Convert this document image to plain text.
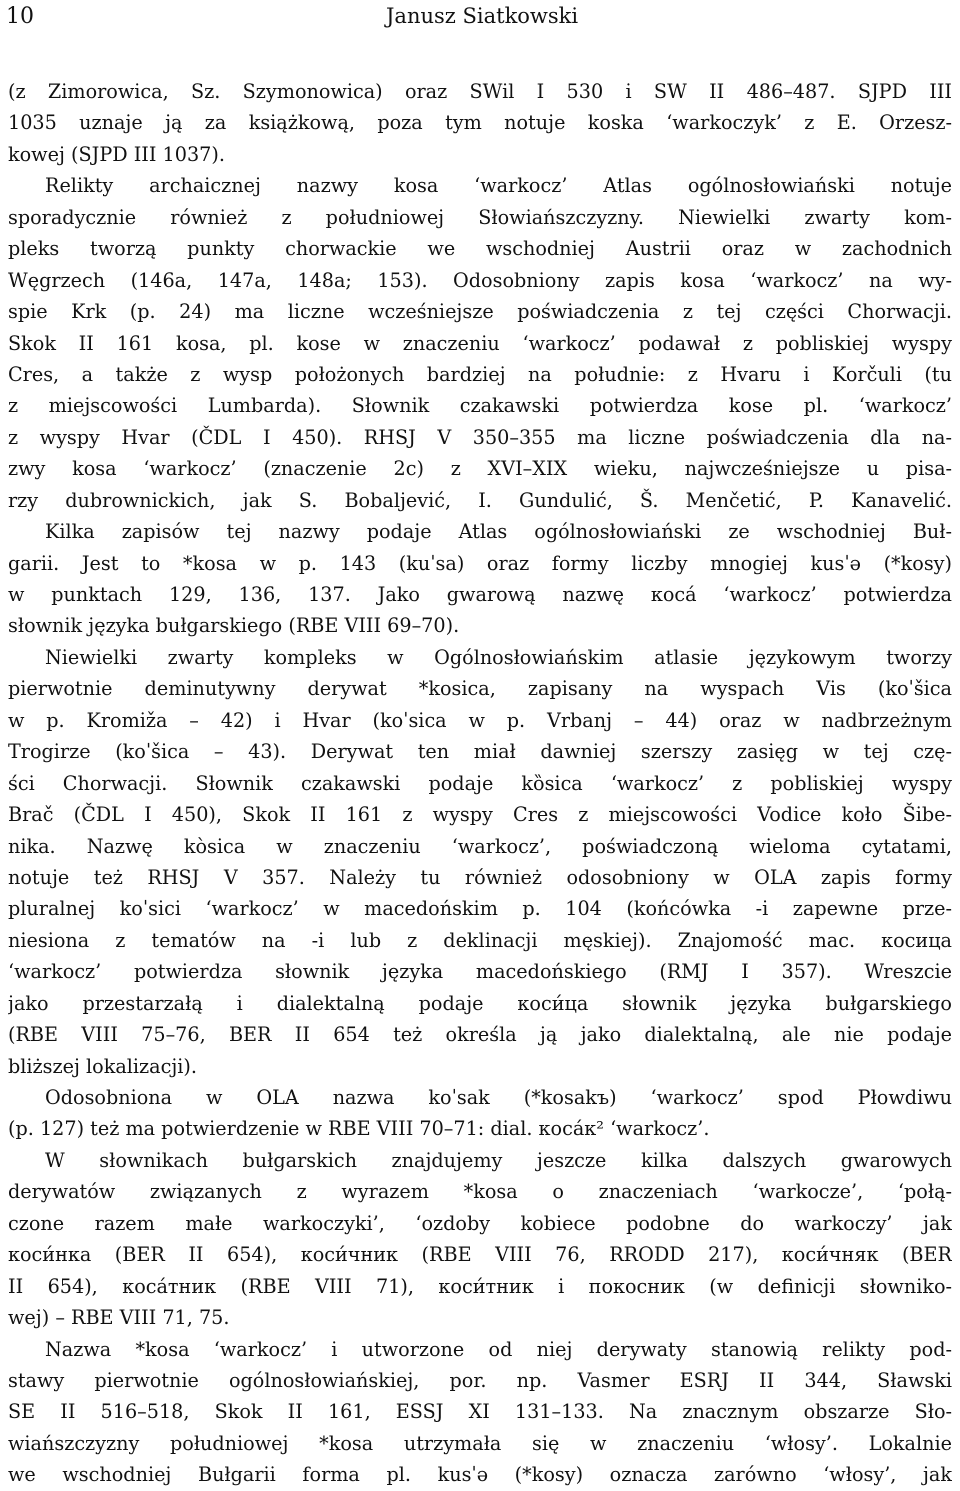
10	Janusz Siatkowski
(z Zimorowica, Sz. Szymonowica) oraz SWil I 530 i SW II 486–487. SJPD III
1035 uznaje ją za książkową, poza tym notuje koska ‘warkoczyk’ z E. Orzesz-
kowej (SJPD III 1037).
Relikty archaicznej nazwy kosa ‘warkocz’ Atlas ogólnosłowiański notuje
sporadycznie również z południowej Słowiańszczyzny. Niewielki zwarty kom-
pleks tworzą punkty chorwackie we wschodniej Austrii oraz w zachodnich
Węgrzech (146a, 147a, 148a; 153). Odosobniony zapis kosa ‘warkocz’ na wy-
spie Krk (p. 24) ma liczne wcześniejsze poświadczenia z tej części Chorwacji.
Skok II 161 kosa, pl. kose w znaczeniu ‘warkocz’ podawał z pobliskiej wyspy
Cres, a także z wysp położonych bardziej na południe: z Hvaru i Korčuli (tu
z miejscowości Lumbarda). Słownik czakawski potwierdza kose pl. ‘warkocz’
z wyspy Hvar (ČDL I 450). RHSJ V 350–355 ma liczne poświadczenia dla na-
zwy kosa ‘warkocz’ (znaczenie 2c) z XVI–XIX wieku, najwcześniejsze u pisa-
rzy dubrownickich, jak S. Bobaljević, I. Gundulić, Š. Menčetić, P. Kanavelić.
Kilka zapisów tej nazwy podaje Atlas ogólnosłowiański ze wschodniej Buł-
garii. Jest to *kosa w p. 143 (kuˈsa) oraz formy liczby mnogiej kusˈə (*kosy)
w punktach 129, 136, 137. Jako gwarową nazwę коса́ ‘warkocz’ potwierdza
słownik języka bułgarskiego (RBE VIII 69–70).
Niewielki zwarty kompleks w Ogólnosłowiańskim atlasie językowym tworzy
pierwotnie deminutywny derywat *kosica, zapisany na wyspach Vis (koˈšica
w p. Kromiža – 42) i Hvar (koˈsica w p. Vrbanj – 44) oraz w nadbrzeżnym
Trogirze (koˈšica – 43). Derywat ten miał dawniej szerszy zasięg w tej czę-
ści Chorwacji. Słownik czakawski podaje kȍsica ‘warkocz’ z pobliskiej wyspy
Brač (ČDL I 450), Skok II 161 z wyspy Cres z miejscowości Vodice koło Šibe-
nika. Nazwę kòsica w znaczeniu ‘warkocz’, poświadczoną wieloma cytatami,
notuje też RHSJ V 357. Należy tu również odosobniony w OLA zapis formy
pluralnej koˈsici ‘warkocz’ w macedońskim p. 104 (końcówka -i zapewne prze-
niesiona z tematów na -i lub z deklinacji męskiej). Znajomość mac. косица
‘warkocz’ potwierdza słownik języka macedońskiego (RMJ I 357). Wreszcie
jako przestarzałą i dialektalną podaje коси́ца słownik języka bułgarskiego
(RBE VIII 75–76, BER II 654 też określa ją jako dialektalną, ale nie podaje
bliższej lokalizacji).
Odosobniona w OLA nazwa koˈsak (*kosakъ) ‘warkocz’ spod Płowdiwu
(p. 127) też ma potwierdzenie w RBE VIII 70–71: dial. коса́к² ‘warkocz’.
W słownikach bułgarskich znajdujemy jeszcze kilka dalszych gwarowych
derywatów związanych z wyrazem *kosa o znaczeniach ‘warkocze’, ‘połą-
czone razem małe warkoczyki’, ‘ozdoby kobiece podobne do warkoczy’ jak
коси́нка (BER II 654), коси́чник (RBE VIII 76, RRODD 217), коси́чняк (BER
II 654), коса́тник (RBE VIII 71), коси́тник i покосник (w definicji słowniko-
wej) – RBE VIII 71, 75.
Nazwa *kosa ‘warkocz’ i utworzone od niej derywaty stanowią relikty pod-
stawy pierwotnie ogólnosłowiańskiej, por. np. Vasmer ESRJ II 344, Sławski
SE II 516–518, Skok II 161, ESSJ XI 131–133. Na znacznym obszarze Sło-
wiańszczyzny południowej *kosa utrzymała się w znaczeniu ‘włosy’. Lokalnie
we wschodniej Bułgarii forma pl. kusˈə (*kosy) oznacza zarówno ‘włosy’, jak
